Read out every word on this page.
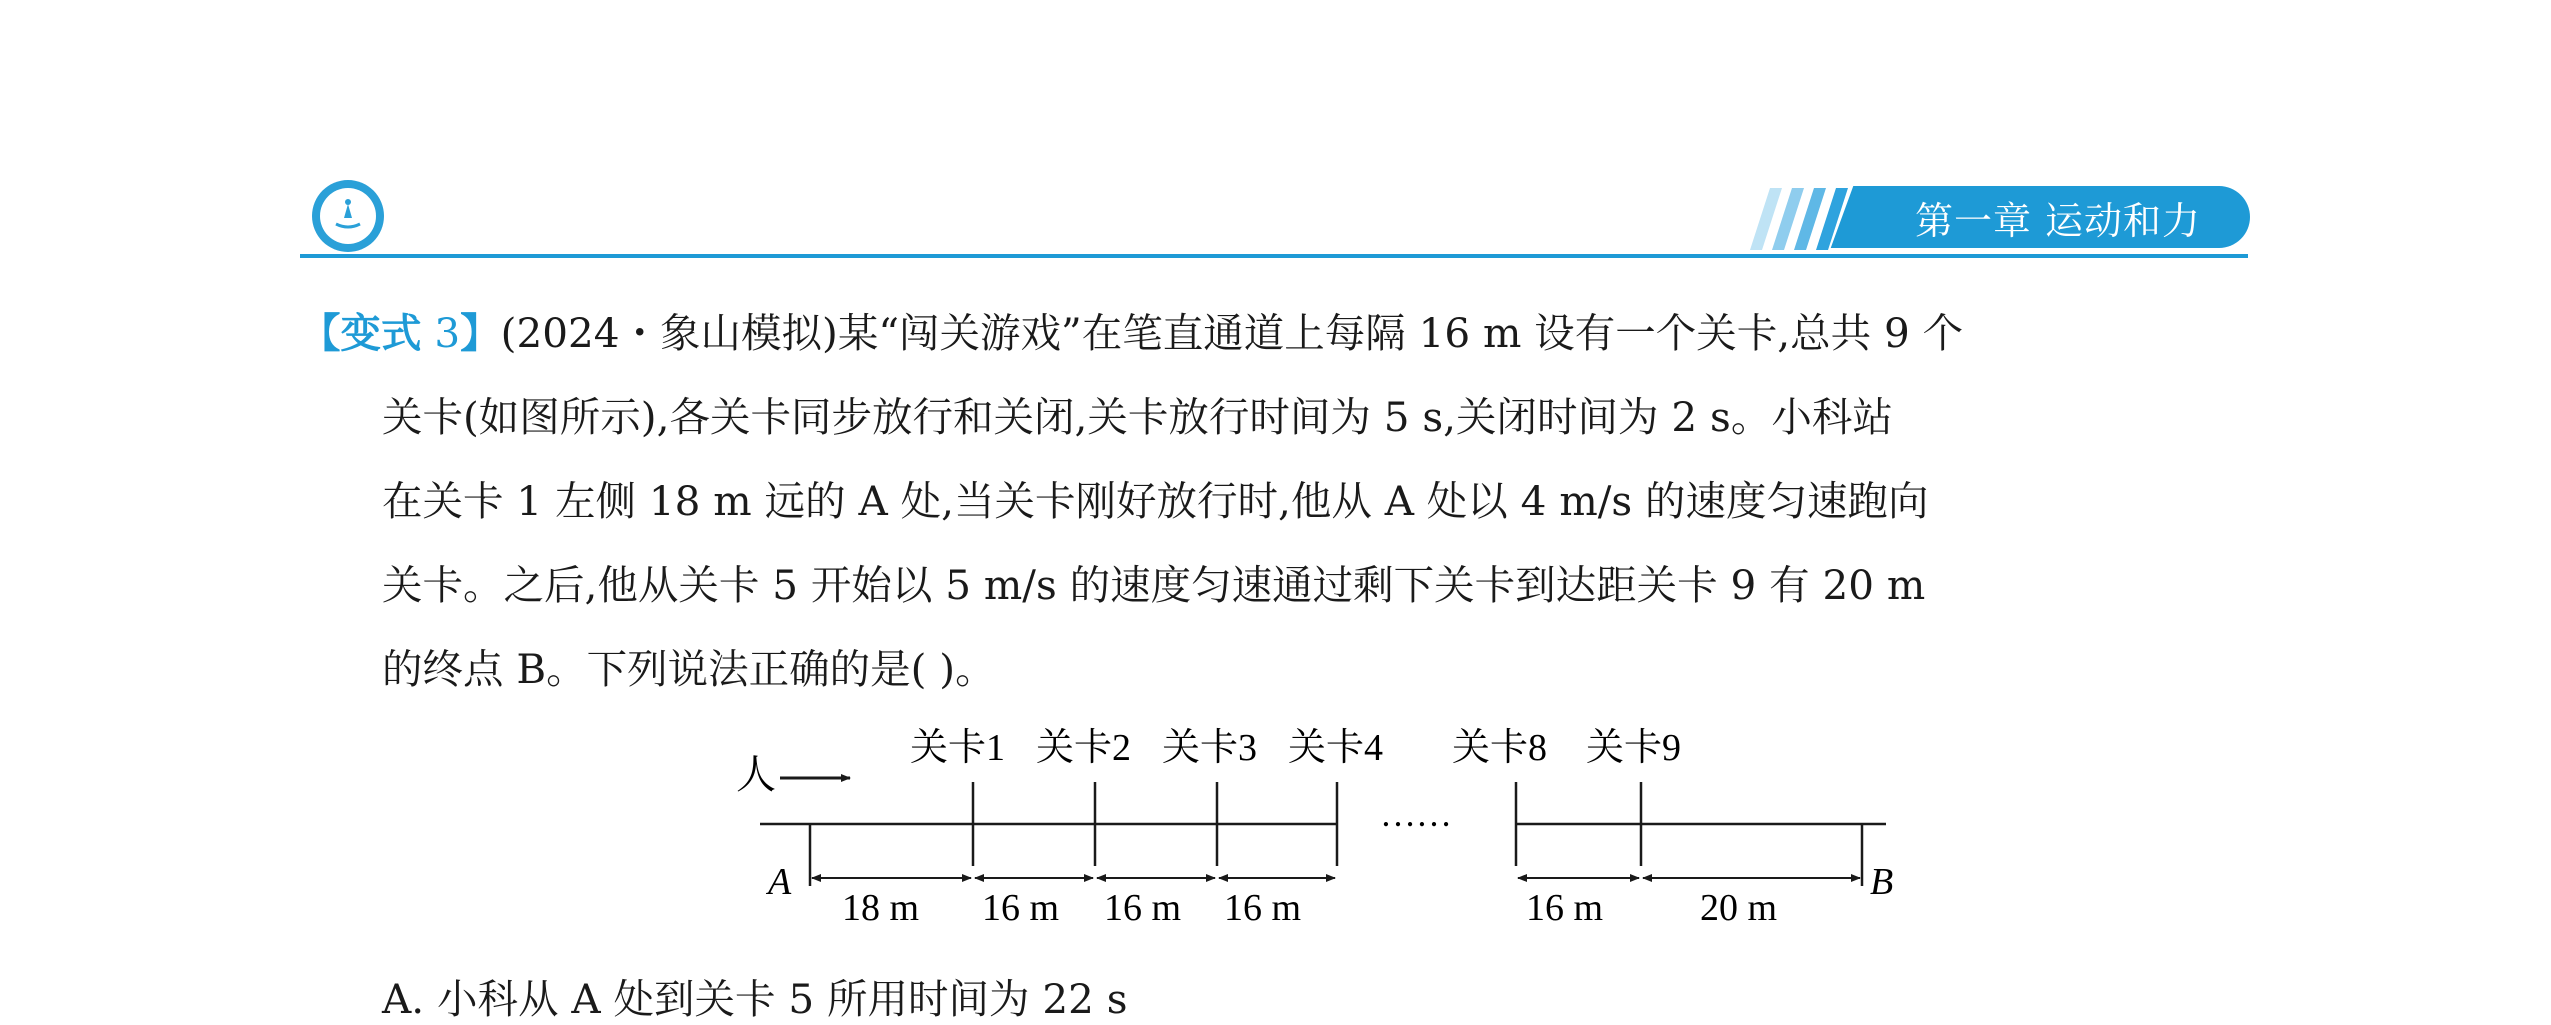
第一章 运动和力
【变式 3】(2024・象山模拟)某“闯关游戏”在笔直通道上每隔 16 m 设有一个关卡,总共 9 个
关卡(如图所示),各关卡同步放行和关闭,关卡放行时间为 5 s,关闭时间为 2 s。小科站
在关卡 1 左侧 18 m 远的 A 处,当关卡刚好放行时,他从 A 处以 4 m/s 的速度匀速跑向
关卡。之后,他从关卡 5 开始以 5 m/s 的速度匀速通过剩下关卡到达距关卡 9 有 20 m
的终点 B。下列说法正确的是( )。
人
关卡1 关卡2 关卡3 关卡4 关卡8 关卡9
……
A	B
18 m 16 m 16 m 16 m	16 m	20 m
A. 小科从 A 处到关卡 5 所用时间为 22 s
